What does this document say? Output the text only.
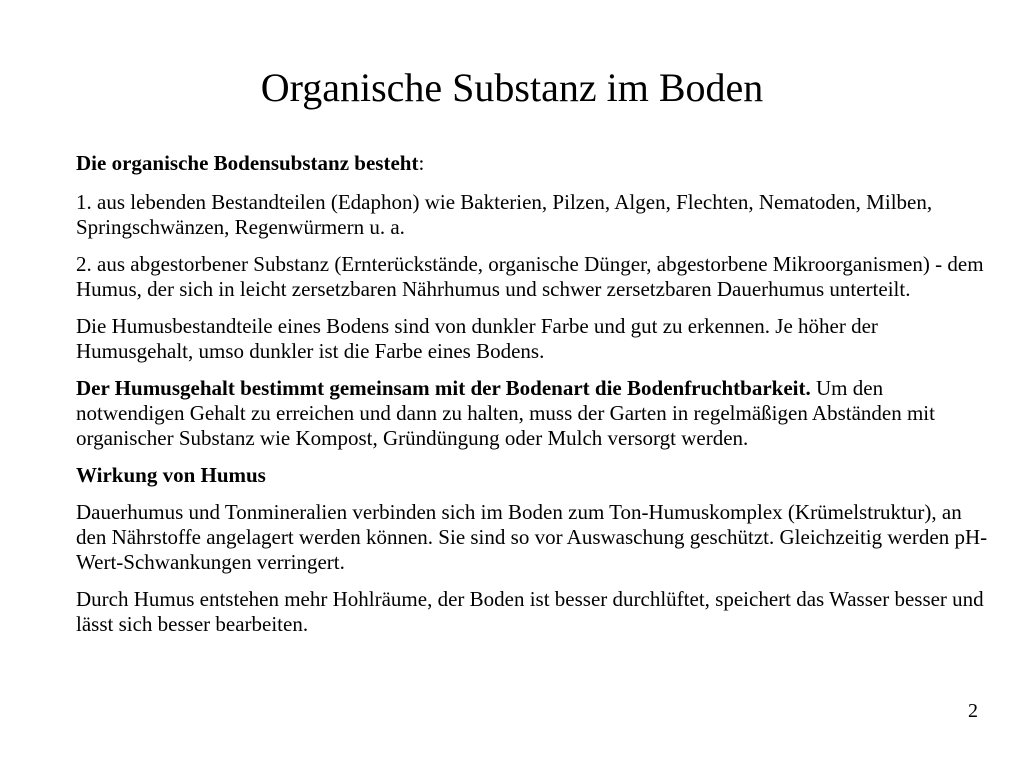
Organische Substanz im Boden

Die organische Bodensubstanz besteht:

1. aus lebenden Bestandteilen (Edaphon) wie Bakterien, Pilzen, Algen, Flechten, Nematoden, Milben, Springschwänzen, Regenwürmern u. a.

2. aus abgestorbener Substanz (Ernterückstände, organische Dünger, abgestorbene Mikroorganismen) - dem Humus, der sich in leicht zersetzbaren Nährhumus und schwer zersetzbaren Dauerhumus unterteilt.

Die Humusbestandteile eines Bodens sind von dunkler Farbe und gut zu erkennen. Je höher der Humusgehalt, umso dunkler ist die Farbe eines Bodens.

Der Humusgehalt bestimmt gemeinsam mit der Bodenart die Bodenfruchtbarkeit. Um den notwendigen Gehalt zu erreichen und dann zu halten, muss der Garten in regelmäßigen Abständen mit organischer Substanz wie Kompost, Gründüngung oder Mulch versorgt werden.

Wirkung von Humus

Dauerhumus und Tonmineralien verbinden sich im Boden zum Ton-Humuskomplex (Krümelstruktur), an den Nährstoffe angelagert werden können. Sie sind so vor Auswaschung geschützt. Gleichzeitig werden pH-Wert-Schwankungen verringert.

Durch Humus entstehen mehr Hohlräume, der Boden ist besser durchlüftet, speichert das Wasser besser und lässt sich besser bearbeiten.

2
